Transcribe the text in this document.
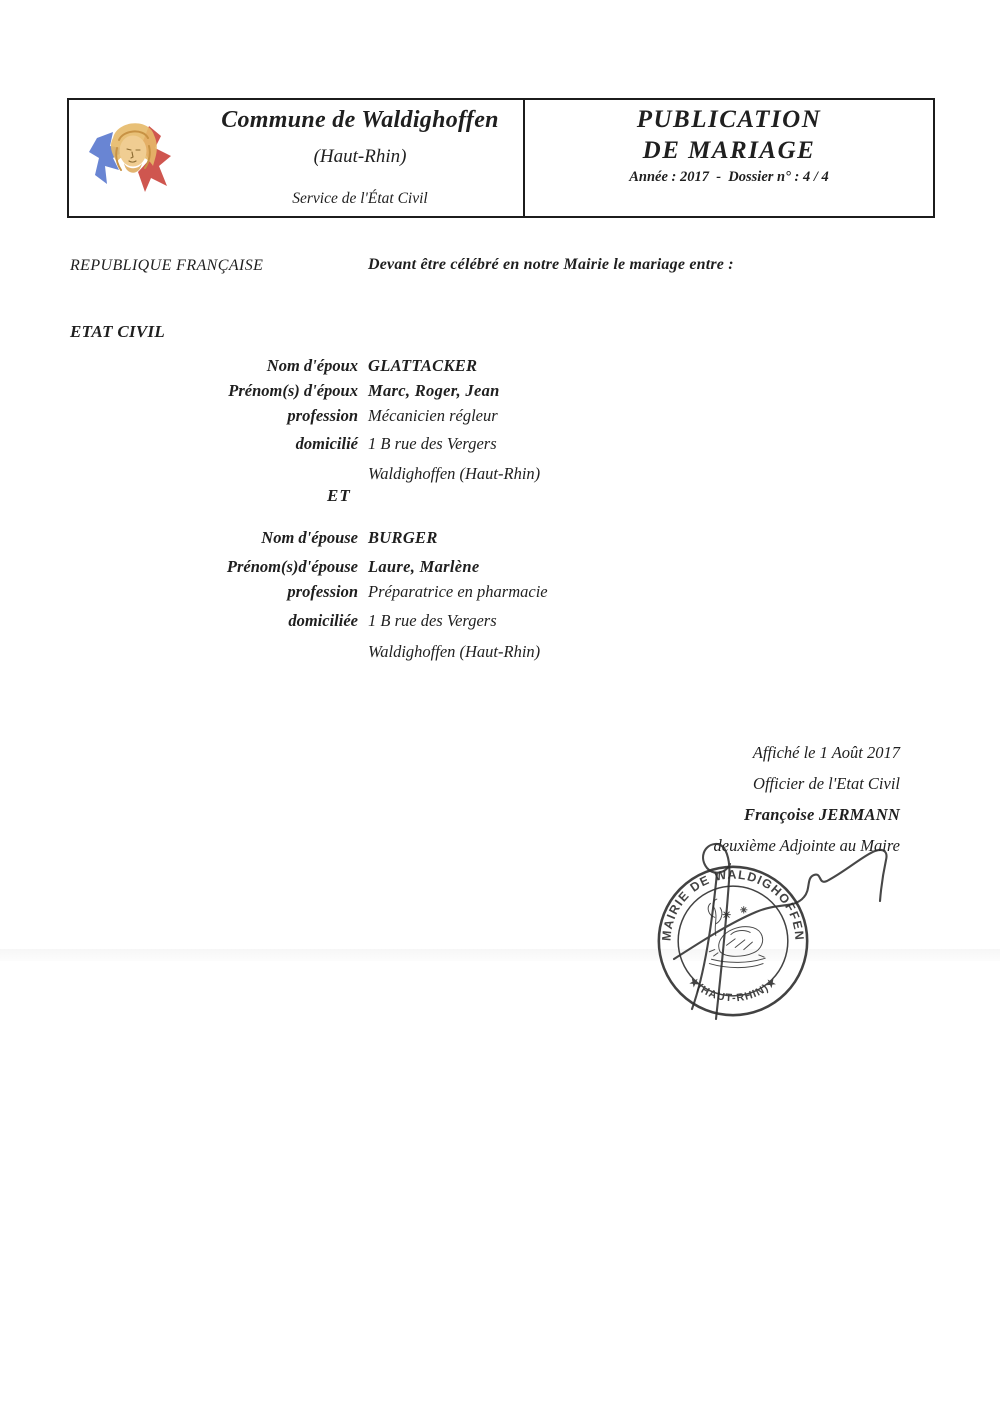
Commune de Waldighoffen
(Haut-Rhin)
Service de l'État Civil
PUBLICATION
DE MARIAGE
Année : 2017  -  Dossier n° : 4 / 4
REPUBLIQUE FRANÇAISE	Devant être célébré en notre Mairie le mariage entre :
ETAT CIVIL
Nom d'époux GLATTACKER
Prénom(s) d'époux Marc, Roger, Jean
profession Mécanicien régleur
domicilié 1 B rue des Vergers
Waldighoffen (Haut-Rhin)
ET
Nom d'épouse BURGER
Prénom(s)d'épouse Laure, Marlène
profession Préparatrice en pharmacie
domiciliée 1 B rue des Vergers
Waldighoffen (Haut-Rhin)
Affiché le 1 Août 2017
Officier de l'Etat Civil
Françoise JERMANN
deuxième Adjointe au Maire
MAIRIE DE WALDIGHOFFEN
★(HAUT-RHIN)★
